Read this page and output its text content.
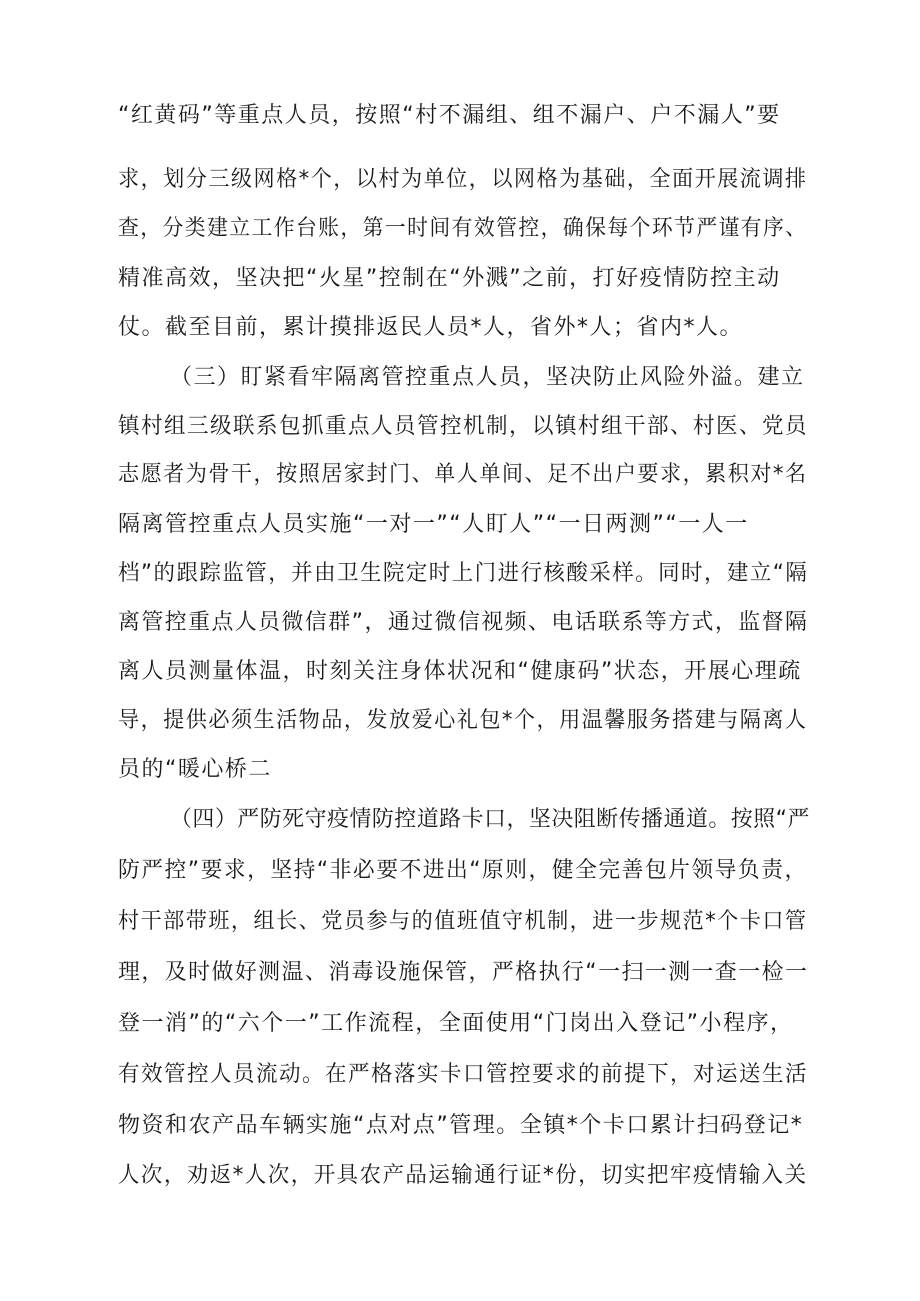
“红黄码”等重点人员，按照“村不漏组、组不漏户、户不漏人”要
求，划分三级网格*个，以村为单位，以网格为基础，全面开展流调排
查，分类建立工作台账，第一时间有效管控，确保每个环节严谨有序、
精准高效，坚决把“火星”控制在“外溅”之前，打好疫情防控主动
仗。截至目前，累计摸排返民人员*人，省外*人；省内*人。
（三）盯紧看牢隔离管控重点人员，坚决防止风险外溢。建立
镇村组三级联系包抓重点人员管控机制，以镇村组干部、村医、党员
志愿者为骨干，按照居家封门、单人单间、足不出户要求，累积对*名
隔离管控重点人员实施“一对一”“人盯人”“一日两测”“一人一
档”的跟踪监管，并由卫生院定时上门进行核酸采样。同时，建立“隔
离管控重点人员微信群”，通过微信视频、电话联系等方式，监督隔
离人员测量体温，时刻关注身体状况和“健康码”状态，开展心理疏
导，提供必须生活物品，发放爱心礼包*个，用温馨服务搭建与隔离人
员的“暖心桥二
（四）严防死守疫情防控道路卡口，坚决阻断传播通道。按照“严
防严控”要求，坚持“非必要不进出“原则，健全完善包片领导负责，
村干部带班，组长、党员参与的值班值守机制，进一步规范*个卡口管
理，及时做好测温、消毒设施保管，严格执行“一扫一测一查一检一
登一消”的“六个一”工作流程，全面使用“门岗出入登记”小程序，
有效管控人员流动。在严格落实卡口管控要求的前提下，对运送生活
物资和农产品车辆实施“点对点”管理。全镇*个卡口累计扫码登记*
人次，劝返*人次，开具农产品运输通行证*份，切实把牢疫情输入关
